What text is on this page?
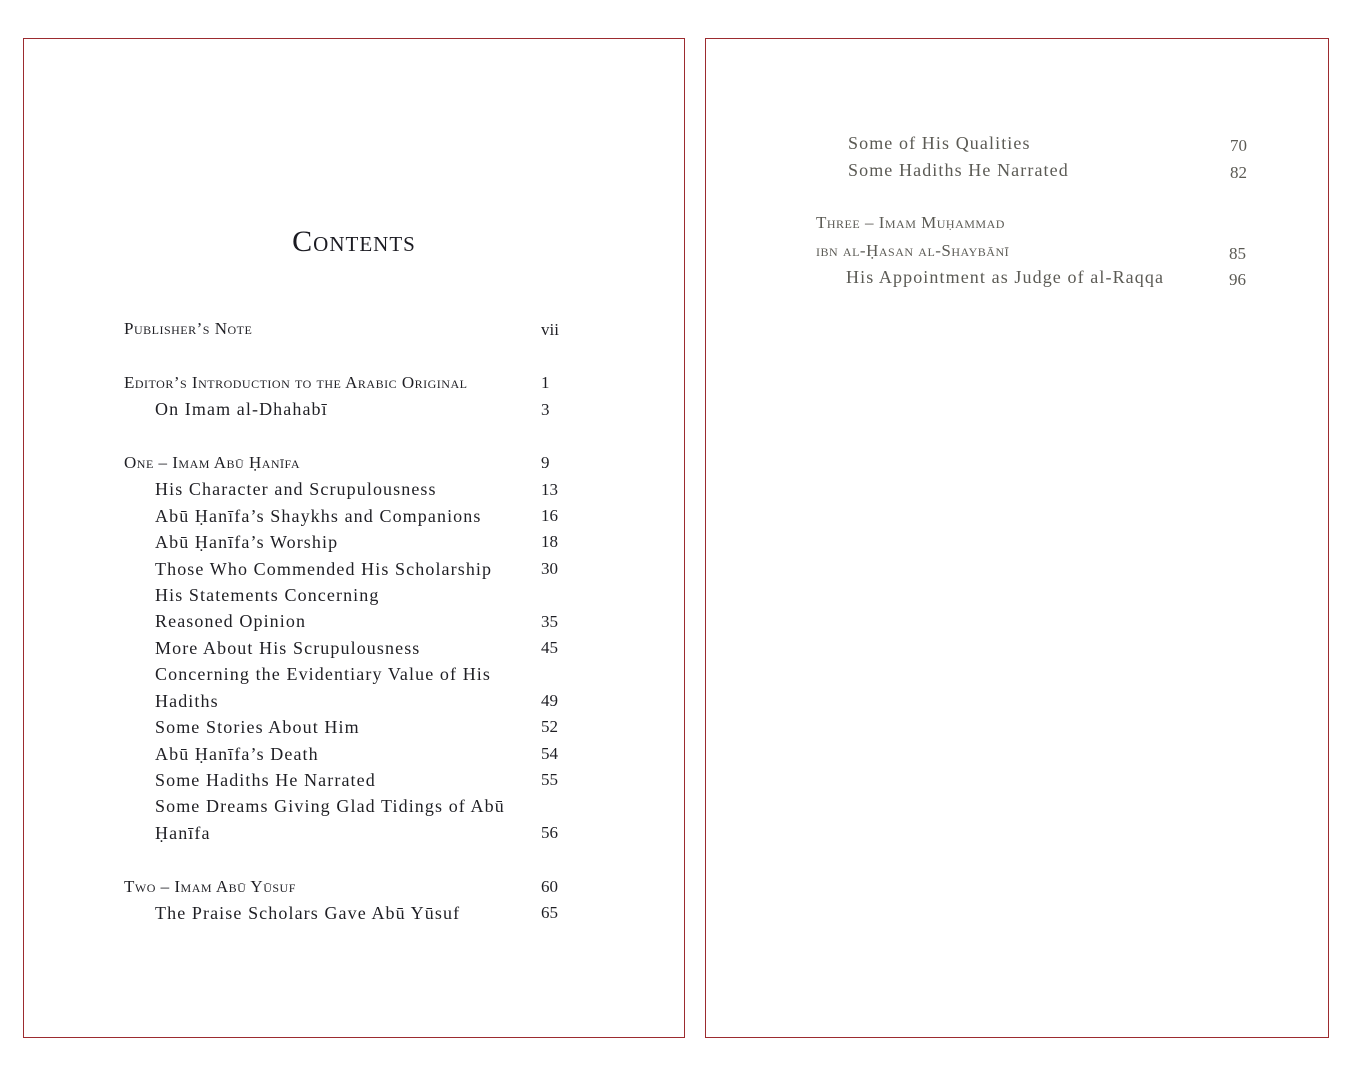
Contents
Publisher’s Note	vii
Editor’s Introduction to the Arabic Original	1
On Imam al-Dhahabī	3
One – Imam Abū Ḥanīfa	9
His Character and Scrupulousness	13
Abū Ḥanīfa’s Shaykhs and Companions	16
Abū Ḥanīfa’s Worship	18
Those Who Commended His Scholarship	30
His Statements Concerning
Reasoned Opinion	35
More About His Scrupulousness	45
Concerning the Evidentiary Value of His
Hadiths	49
Some Stories About Him	52
Abū Ḥanīfa’s Death	54
Some Hadiths He Narrated	55
Some Dreams Giving Glad Tidings of Abū
Ḥanīfa	56
Two – Imam Abū Yūsuf	60
The Praise Scholars Gave Abū Yūsuf	65
Some of His Qualities	70
Some Hadiths He Narrated	82
Three – Imam Muḥammad
ibn al-Ḥasan al-Shaybānī	85
His Appointment as Judge of al-Raqqa	96
